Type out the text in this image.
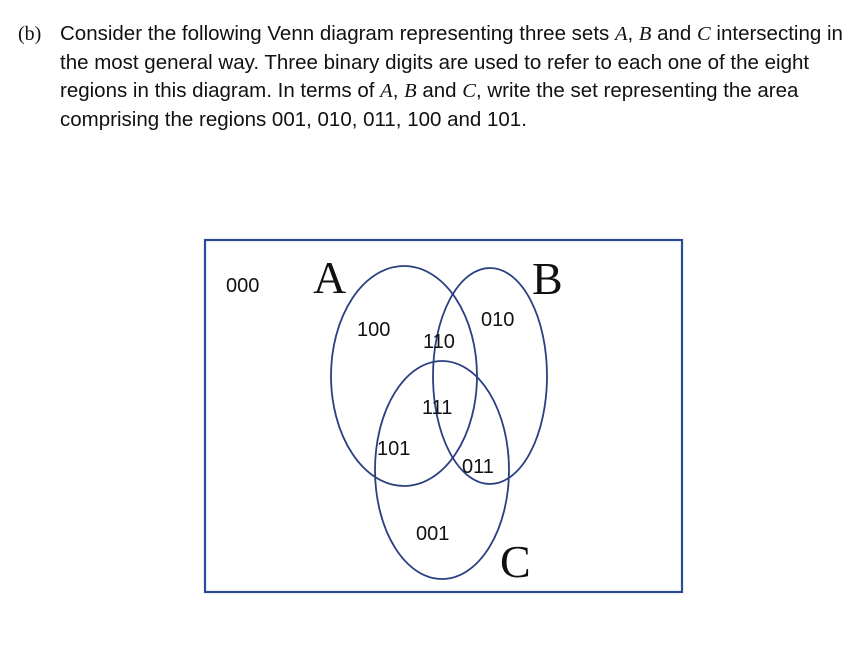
(b) Consider the following Venn diagram representing three sets A, B and C intersecting in the most general way. Three binary digits are used to refer to each one of the eight regions in this diagram. In terms of A, B and C, write the set representing the area comprising the regions 001, 010, 011, 100 and 101.
A	B
C
000
100
110
010
111
101
011
001
